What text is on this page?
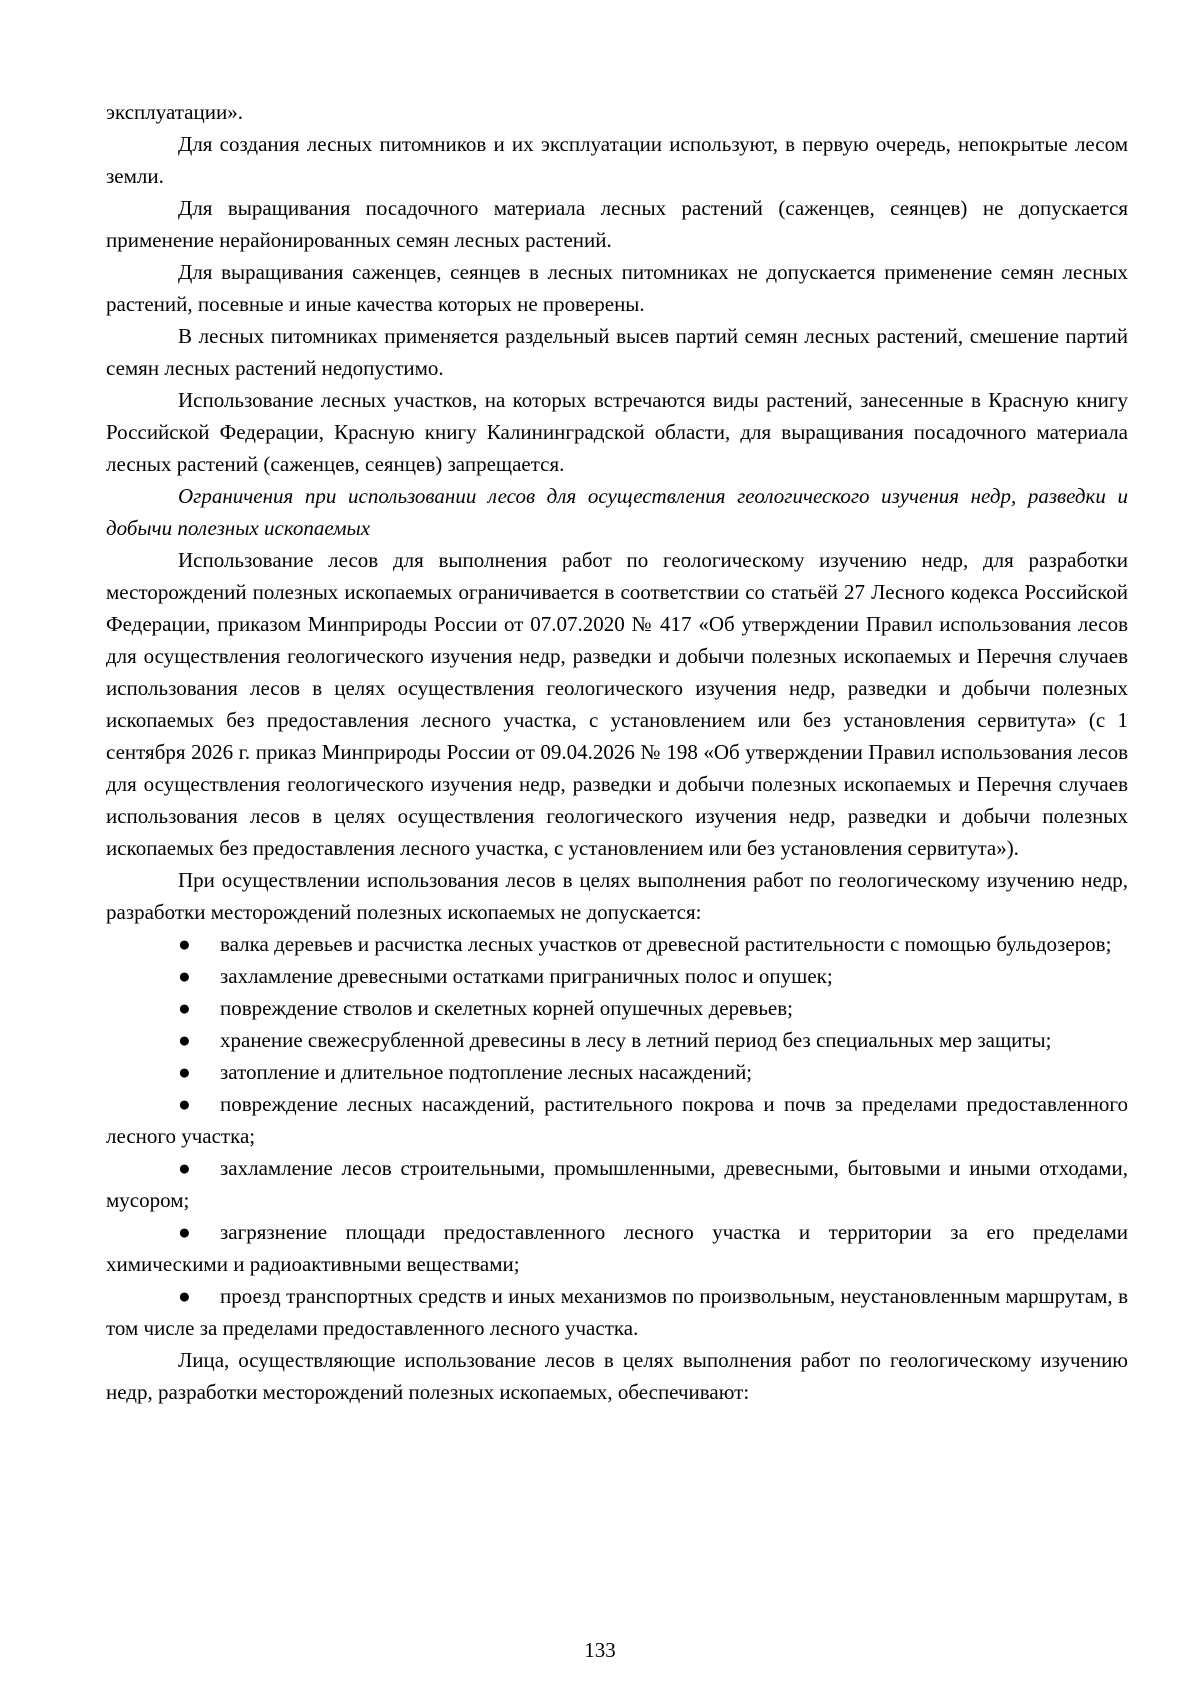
эксплуатации».

Для создания лесных питомников и их эксплуатации используют, в первую очередь, непокрытые лесом земли.

Для выращивания посадочного материала лесных растений (саженцев, сеянцев) не допускается применение нерайонированных семян лесных растений.

Для выращивания саженцев, сеянцев в лесных питомниках не допускается применение семян лесных растений, посевные и иные качества которых не проверены.

В лесных питомниках применяется раздельный высев партий семян лесных растений, смешение партий семян лесных растений недопустимо.

Использование лесных участков, на которых встречаются виды растений, занесенные в Красную книгу Российской Федерации, Красную книгу Калининградской области, для выращивания посадочного материала лесных растений (саженцев, сеянцев) запрещается.

Ограничения при использовании лесов для осуществления геологического изучения недр, разведки и добычи полезных ископаемых

Использование лесов для выполнения работ по геологическому изучению недр, для разработки месторождений полезных ископаемых ограничивается в соответствии со статьёй 27 Лесного кодекса Российской Федерации, приказом Минприроды России от 07.07.2020 № 417 «Об утверждении Правил использования лесов для осуществления геологического изучения недр, разведки и добычи полезных ископаемых и Перечня случаев использования лесов в целях осуществления геологического изучения недр, разведки и добычи полезных ископаемых без предоставления лесного участка, с установлением или без установления сервитута» (с 1 сентября 2026 г. приказ Минприроды России от 09.04.2026 № 198 «Об утверждении Правил использования лесов для осуществления геологического изучения недр, разведки и добычи полезных ископаемых и Перечня случаев использования лесов в целях осуществления геологического изучения недр, разведки и добычи полезных ископаемых без предоставления лесного участка, с установлением или без установления сервитута»).

При осуществлении использования лесов в целях выполнения работ по геологическому изучению недр, разработки месторождений полезных ископаемых не допускается:

● валка деревьев и расчистка лесных участков от древесной растительности с помощью бульдозеров;
● захламление древесными остатками приграничных полос и опушек;
● повреждение стволов и скелетных корней опушечных деревьев;
● хранение свежесрубленной древесины в лесу в летний период без специальных мер защиты;
● затопление и длительное подтопление лесных насаждений;
● повреждение лесных насаждений, растительного покрова и почв за пределами предоставленного лесного участка;
● захламление лесов строительными, промышленными, древесными, бытовыми и иными отходами, мусором;
● загрязнение площади предоставленного лесного участка и территории за его пределами химическими и радиоактивными веществами;
● проезд транспортных средств и иных механизмов по произвольным, неустановленным маршрутам, в том числе за пределами предоставленного лесного участка.

Лица, осуществляющие использование лесов в целях выполнения работ по геологическому изучению недр, разработки месторождений полезных ископаемых, обеспечивают:

133
